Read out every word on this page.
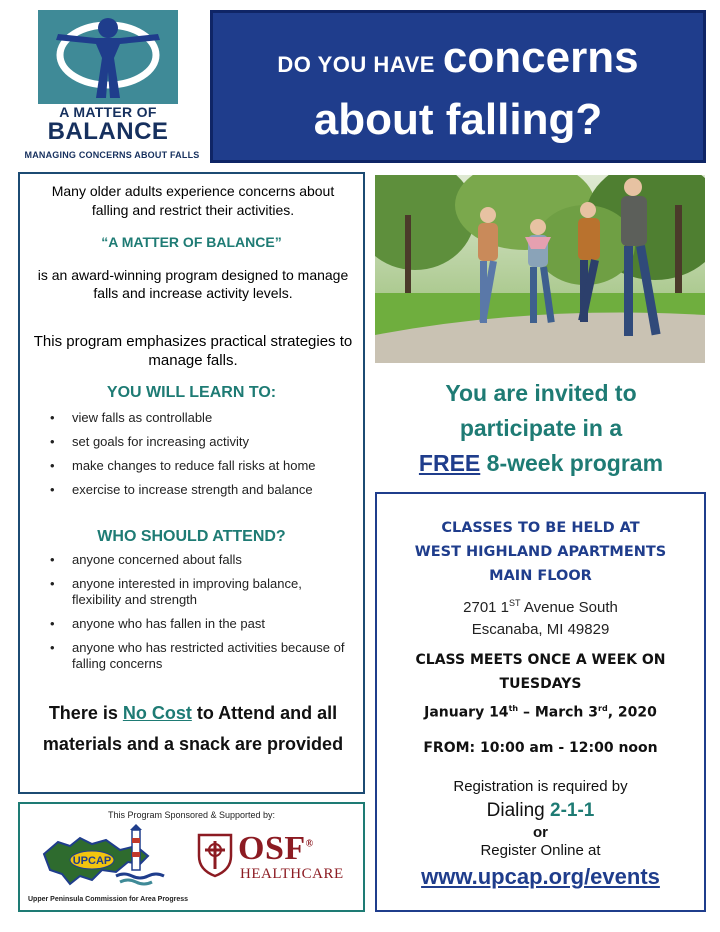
A MATTER OF
BALANCE
MANAGING CONCERNS ABOUT FALLS
DO YOU HAVE concerns
about falling?
Many older adults experience concerns about falling and restrict their activities.
“A MATTER OF BALANCE”
is an award-winning program designed to manage falls and increase activity levels.
This program emphasizes practical strategies to manage falls.
YOU WILL LEARN TO:
• view falls as controllable
• set goals for increasing activity
• make changes to reduce fall risks at home
• exercise to increase strength and balance
WHO SHOULD ATTEND?
• anyone concerned about falls
• anyone interested in improving balance, flexibility and strength
• anyone who has fallen in the past
• anyone who has restricted activities because of falling concerns
There is No Cost to Attend and all materials and a snack are provided
This Program Sponsored & Supported by:
UPCAP
Upper Peninsula Commission for Area Progress
OSF®
HEALTHCARE
You are invited to
participate in a
FREE 8-week program
CLASSES TO BE HELD AT
WEST HIGHLAND APARTMENTS
MAIN FLOOR
2701 1ST Avenue South
Escanaba, MI 49829
CLASS MEETS ONCE A WEEK ON
TUESDAYS
January 14th – March 3rd, 2020
FROM: 10:00 am - 12:00 noon
Registration is required by
Dialing 2-1-1
or
Register Online at
www.upcap.org/events
